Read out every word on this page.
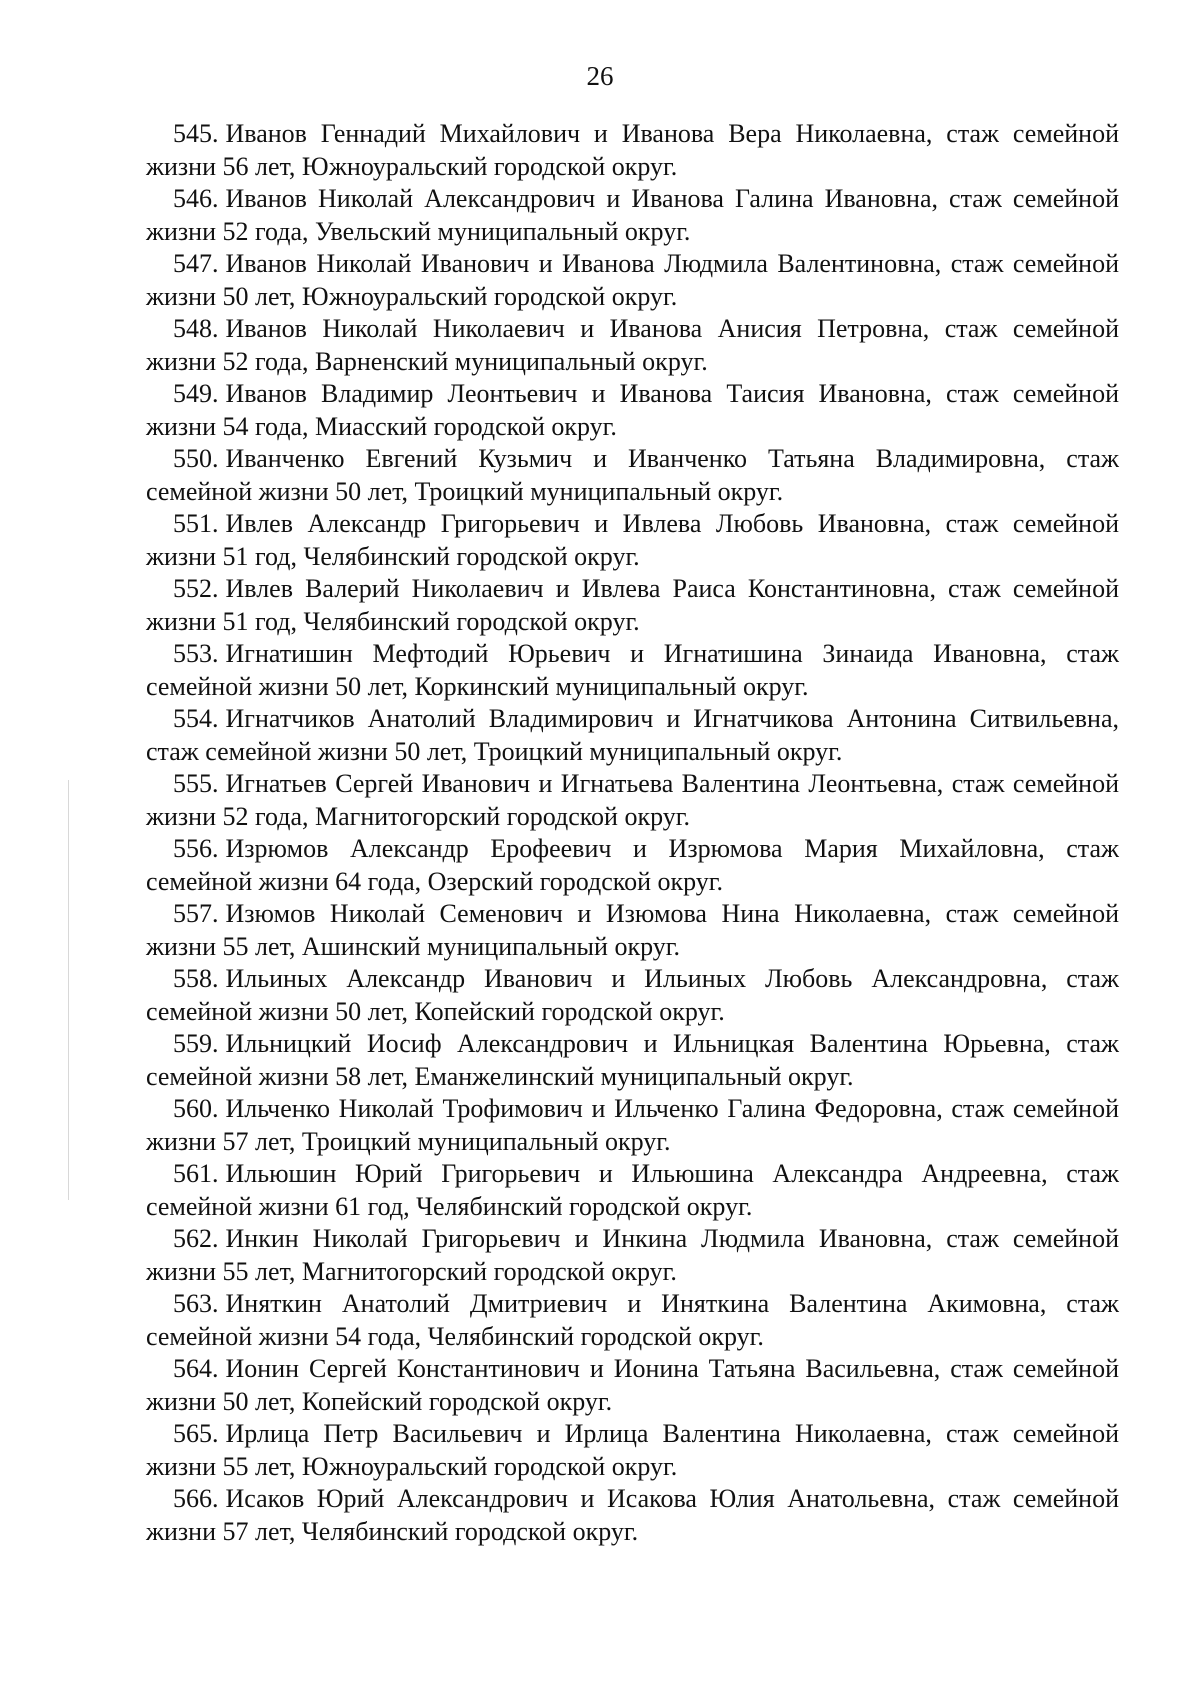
26
545. Иванов Геннадий Михайлович и Иванова Вера Николаевна, стаж семейной жизни 56 лет, Южноуральский городской округ.
546. Иванов Николай Александрович и Иванова Галина Ивановна, стаж семейной жизни 52 года, Увельский муниципальный округ.
547. Иванов Николай Иванович и Иванова Людмила Валентиновна, стаж семейной жизни 50 лет, Южноуральский городской округ.
548. Иванов Николай Николаевич и Иванова Анисия Петровна, стаж семейной жизни 52 года, Варненский муниципальный округ.
549. Иванов Владимир Леонтьевич и Иванова Таисия Ивановна, стаж семейной жизни 54 года, Миасский городской округ.
550. Иванченко Евгений Кузьмич и Иванченко Татьяна Владимировна, стаж семейной жизни 50 лет, Троицкий муниципальный округ.
551. Ивлев Александр Григорьевич и Ивлева Любовь Ивановна, стаж семейной жизни 51 год, Челябинский городской округ.
552. Ивлев Валерий Николаевич и Ивлева Раиса Константиновна, стаж семейной жизни 51 год, Челябинский городской округ.
553. Игнатишин Мефтодий Юрьевич и Игнатишина Зинаида Ивановна, стаж семейной жизни 50 лет, Коркинский муниципальный округ.
554. Игнатчиков Анатолий Владимирович и Игнатчикова Антонина Ситвильевна, стаж семейной жизни 50 лет, Троицкий муниципальный округ.
555. Игнатьев Сергей Иванович и Игнатьева Валентина Леонтьевна, стаж семейной жизни 52 года, Магнитогорский городской округ.
556. Изрюмов Александр Ерофеевич и Изрюмова Мария Михайловна, стаж семейной жизни 64 года, Озерский городской округ.
557. Изюмов Николай Семенович и Изюмова Нина Николаевна, стаж семейной жизни 55 лет, Ашинский муниципальный округ.
558. Ильиных Александр Иванович и Ильиных Любовь Александровна, стаж семейной жизни 50 лет, Копейский городской округ.
559. Ильницкий Иосиф Александрович и Ильницкая Валентина Юрьевна, стаж семейной жизни 58 лет, Еманжелинский муниципальный округ.
560. Ильченко Николай Трофимович и Ильченко Галина Федоровна, стаж семейной жизни 57 лет, Троицкий муниципальный округ.
561. Ильюшин Юрий Григорьевич и Ильюшина Александра Андреевна, стаж семейной жизни 61 год, Челябинский городской округ.
562. Инкин Николай Григорьевич и Инкина Людмила Ивановна, стаж семейной жизни 55 лет, Магнитогорский городской округ.
563. Иняткин Анатолий Дмитриевич и Иняткина Валентина Акимовна, стаж семейной жизни 54 года, Челябинский городской округ.
564. Ионин Сергей Константинович и Ионина Татьяна Васильевна, стаж семейной жизни 50 лет, Копейский городской округ.
565. Ирлица Петр Васильевич и Ирлица Валентина Николаевна, стаж семейной жизни 55 лет, Южноуральский городской округ.
566. Исаков Юрий Александрович и Исакова Юлия Анатольевна, стаж семейной жизни 57 лет, Челябинский городской округ.
